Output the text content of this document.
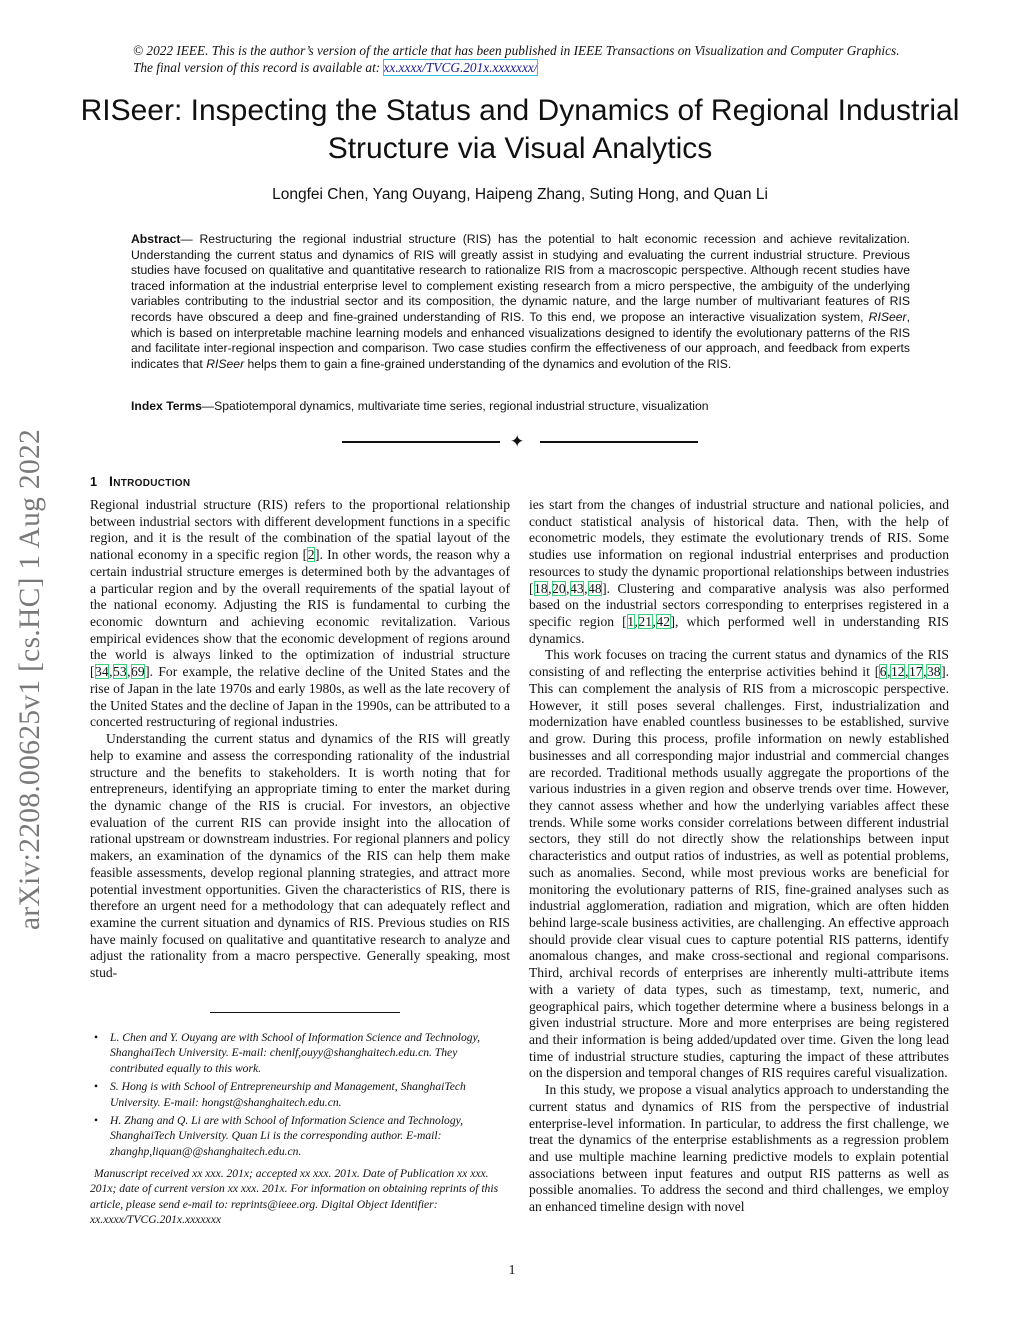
© 2022 IEEE. This is the author’s version of the article that has been published in IEEE Transactions on Visualization and Computer Graphics. The final version of this record is available at: xx.xxxx/TVCG.201x.xxxxxxx/
RISeer: Inspecting the Status and Dynamics of Regional Industrial Structure via Visual Analytics
Longfei Chen, Yang Ouyang, Haipeng Zhang, Suting Hong, and Quan Li

Abstract— Restructuring the regional industrial structure (RIS) has the potential to halt economic recession and achieve revitalization. Understanding the current status and dynamics of RIS will greatly assist in studying and evaluating the current industrial structure. Previous studies have focused on qualitative and quantitative research to rationalize RIS from a macroscopic perspective. Although recent studies have traced information at the industrial enterprise level to complement existing research from a micro perspective, the ambiguity of the underlying variables contributing to the industrial sector and its composition, the dynamic nature, and the large number of multivariant features of RIS records have obscured a deep and fine-grained understanding of RIS. To this end, we propose an interactive visualization system, RISeer, which is based on interpretable machine learning models and enhanced visualizations designed to identify the evolutionary patterns of the RIS and facilitate inter-regional inspection and comparison. Two case studies confirm the effectiveness of our approach, and feedback from experts indicates that RISeer helps them to gain a fine-grained understanding of the dynamics and evolution of the RIS.

Index Terms—Spatiotemporal dynamics, multivariate time series, regional industrial structure, visualization

✦
arXiv:2208.00625v1 [cs.HC] 1 Aug 2022	1 Introduction

Regional industrial structure (RIS) refers to the proportional relationship between industrial sectors with different development functions in a specific region, and it is the result of the combination of the spatial layout of the national economy in a specific region [2]. In other words, the reason why a certain industrial structure emerges is determined both by the advantages of a particular region and by the overall requirements of the spatial layout of the national economy. Adjusting the RIS is fundamental to curbing the economic downturn and achieving economic revitalization. Various empirical evidences show that the economic development of regions around the world is always linked to the optimization of industrial structure [34,53,69]. For example, the relative decline of the United States and the rise of Japan in the late 1970s and early 1980s, as well as the late recovery of the United States and the decline of Japan in the 1990s, can be attributed to a concerted restructuring of regional industries.

Understanding the current status and dynamics of the RIS will greatly help to examine and assess the corresponding rationality of the industrial structure and the benefits to stakeholders. It is worth noting that for entrepreneurs, identifying an appropriate timing to enter the market during the dynamic change of the RIS is crucial. For investors, an objective evaluation of the current RIS can provide insight into the allocation of rational upstream or downstream industries. For regional planners and policy makers, an examination of the dynamics of the RIS can help them make feasible assessments, develop regional planning strategies, and attract more potential investment opportunities. Given the characteristics of RIS, there is therefore an urgent need for a methodology that can adequately reflect and examine the current situation and dynamics of RIS. Previous studies on RIS have mainly focused on qualitative and quantitative research to analyze and adjust the rationality from a macro perspective. Generally speaking, most stud-

ies start from the changes of industrial structure and national policies, and conduct statistical analysis of historical data. Then, with the help of econometric models, they estimate the evolutionary trends of RIS. Some studies use information on regional industrial enterprises and production resources to study the dynamic proportional relationships between industries [18,20,43,48]. Clustering and comparative analysis was also performed based on the industrial sectors corresponding to enterprises registered in a specific region [1,21,42], which performed well in understanding RIS dynamics.

This work focuses on tracing the current status and dynamics of the RIS consisting of and reflecting the enterprise activities behind it [6,12,17,38]. This can complement the analysis of RIS from a microscopic perspective. However, it still poses several challenges. First, industrialization and modernization have enabled countless businesses to be established, survive and grow. During this process, profile information on newly established businesses and all corresponding major industrial and commercial changes are recorded. Traditional methods usually aggregate the proportions of the various industries in a given region and observe trends over time. However, they cannot assess whether and how the underlying variables affect these trends. While some works consider correlations between different industrial sectors, they still do not directly show the relationships between input characteristics and output ratios of industries, as well as potential problems, such as anomalies. Second, while most previous works are beneficial for monitoring the evolutionary patterns of RIS, fine-grained analyses such as industrial agglomeration, radiation and migration, which are often hidden behind large-scale business activities, are challenging. An effective approach should provide clear visual cues to capture potential RIS patterns, identify anomalous changes, and make cross-sectional and regional comparisons. Third, archival records of enterprises are inherently multi-attribute items with a variety of data types, such as timestamp, text, numeric, and geographical pairs, which together determine where a business belongs in a given industrial structure. More and more enterprises are being registered and their information is being added/updated over time. Given the long lead time of industrial structure studies, capturing the impact of these attributes on the dispersion and temporal changes of RIS requires careful visualization.

In this study, we propose a visual analytics approach to understanding the current status and dynamics of RIS from the perspective of industrial enterprise-level information. In particular, to address the first challenge, we treat the dynamics of the enterprise establishments as a regression problem and use multiple machine learning predictive models to explain potential associations between input features and output RIS patterns as well as possible anomalies. To address the second and third challenges, we employ an enhanced timeline design with novel

• L. Chen and Y. Ouyang are with School of Information Science and Technology, ShanghaiTech University. E-mail: chenlf,ouyy@shanghaitech.edu.cn. They contributed equally to this work.
• S. Hong is with School of Entrepreneurship and Management, ShanghaiTech University. E-mail: hongst@shanghaitech.edu.cn.
• H. Zhang and Q. Li are with School of Information Science and Technology, ShanghaiTech University. Quan Li is the corresponding author. E-mail: zhanghp,liquan@@shanghaitech.edu.cn.

Manuscript received xx xxx. 201x; accepted xx xxx. 201x. Date of Publication xx xxx. 201x; date of current version xx xxx. 201x. For information on obtaining reprints of this article, please send e-mail to: reprints@ieee.org. Digital Object Identifier: xx.xxxx/TVCG.201x.xxxxxxx

1
